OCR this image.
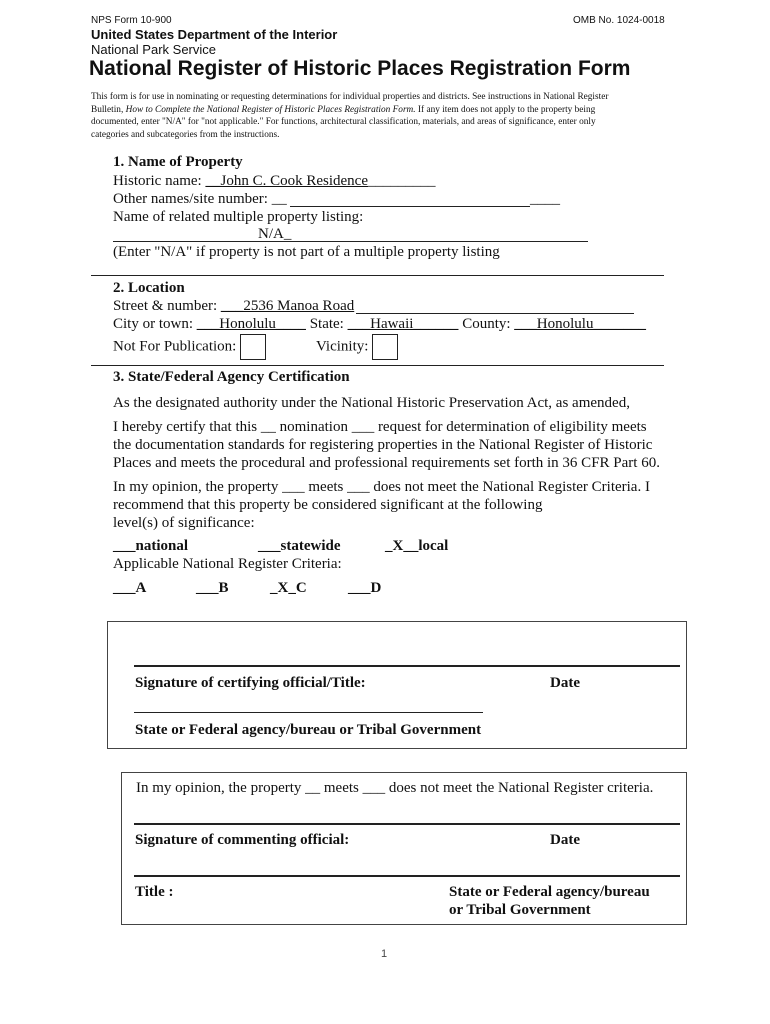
NPS Form 10-900	OMB No. 1024-0018
United States Department of the Interior
National Park Service
National Register of Historic Places Registration Form
This form is for use in nominating or requesting determinations for individual properties and districts. See instructions in National Register
Bulletin, How to Complete the National Register of Historic Places Registration Form. If any item does not apply to the property being
documented, enter "N/A" for "not applicable." For functions, architectural classification, materials, and areas of significance, enter only
categories and subcategories from the instructions.
1. Name of Property
Historic name: __John C. Cook Residence_________
Other names/site number: __	____
Name of related multiple property listing:
N/A_
(Enter "N/A" if property is not part of a multiple property listing
2. Location
Street & number: ___2536 Manoa Road
City or town: ___Honolulu____ State: ___Hawaii______ County: ___Honolulu_______
Not For Publication:	Vicinity:
3. State/Federal Agency Certification
As the designated authority under the National Historic Preservation Act, as amended,
I hereby certify that this __ nomination ___ request for determination of eligibility meets
the documentation standards for registering properties in the National Register of Historic
Places and meets the procedural and professional requirements set forth in 36 CFR Part 60.
In my opinion, the property ___ meets ___ does not meet the National Register Criteria. I
recommend that this property be considered significant at the following
level(s) of significance:
___national	___statewide	_X__local
Applicable National Register Criteria:
___A	___B	_X_C	___D
Signature of certifying official/Title:	Date
State or Federal agency/bureau or Tribal Government
In my opinion, the property __ meets ___ does not meet the National Register criteria.
Signature of commenting official:	Date
Title :	State or Federal agency/bureau
or Tribal Government
1
